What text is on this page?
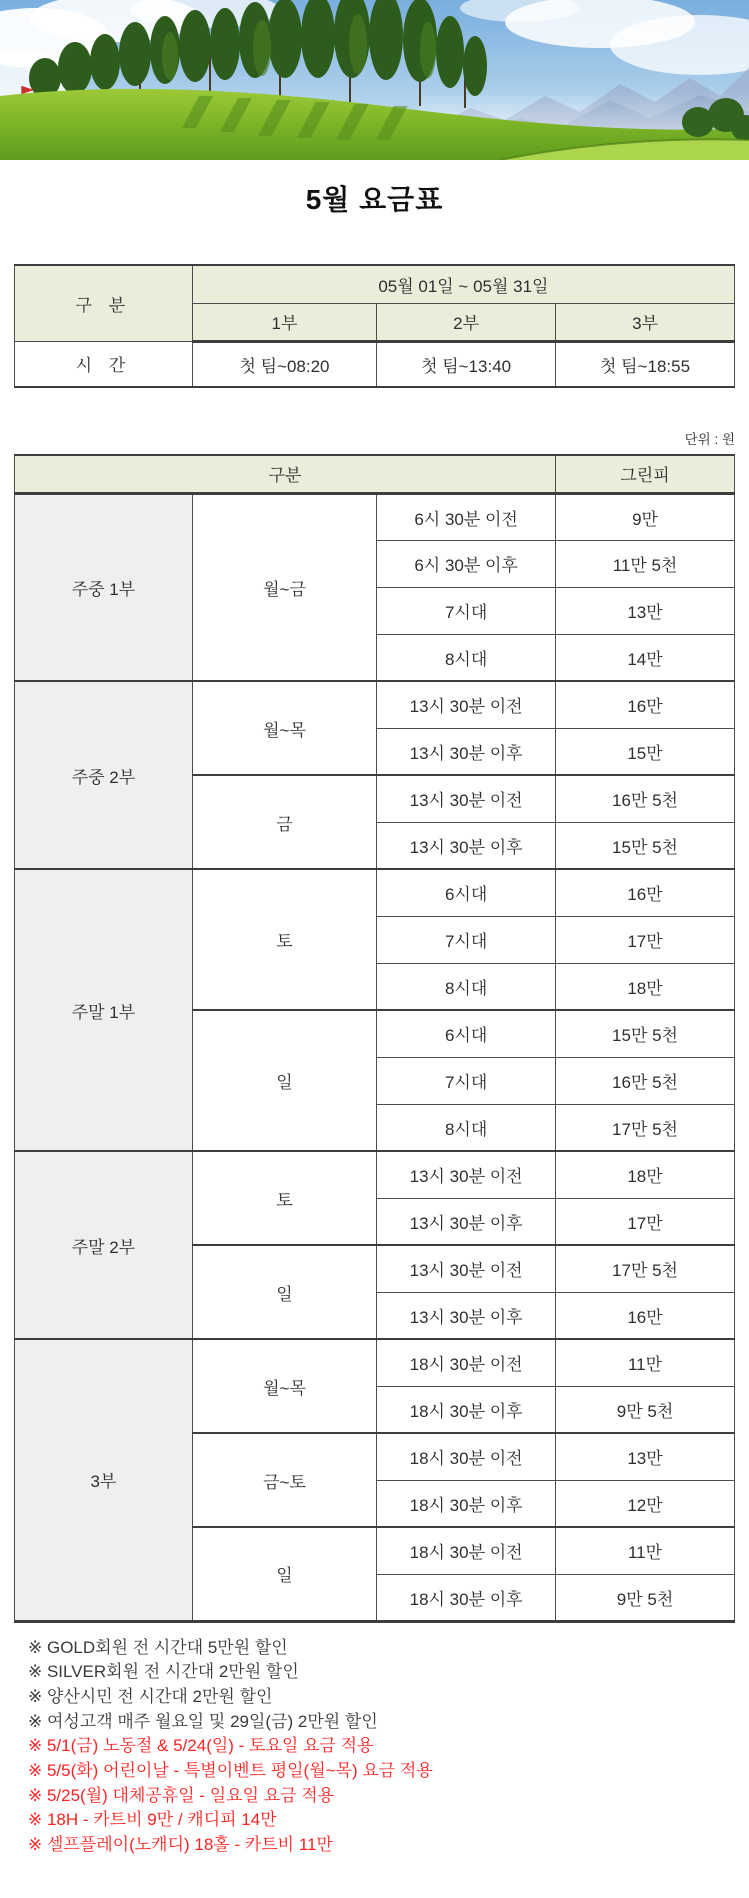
5월 요금표
구 분	05월 01일 ~ 05월 31일		
	1부	2부	3부
시 간	첫 팀~08:20	첫 팀~13:40	첫 팀~18:55
단위 : 원
구분			그린피
주중 1부	월~금	6시 30분 이전	9만
		6시 30분 이후	11만 5천
		7시대	13만
		8시대	14만
주중 2부	월~목	13시 30분 이전	16만
		13시 30분 이후	15만
	금	13시 30분 이전	16만 5천
		13시 30분 이후	15만 5천
주말 1부	토	6시대	16만
		7시대	17만
		8시대	18만
	일	6시대	15만 5천
		7시대	16만 5천
		8시대	17만 5천
주말 2부	토	13시 30분 이전	18만
		13시 30분 이후	17만
	일	13시 30분 이전	17만 5천
		13시 30분 이후	16만
3부	월~목	18시 30분 이전	11만
		18시 30분 이후	9만 5천
	금~토	18시 30분 이전	13만
		18시 30분 이후	12만
	일	18시 30분 이전	11만
		18시 30분 이후	9만 5천
※ GOLD회원 전 시간대 5만원 할인
※ SILVER회원 전 시간대 2만원 할인
※ 양산시민 전 시간대 2만원 할인
※ 여성고객 매주 월요일 및 29일(금) 2만원 할인
※ 5/1(금) 노동절 & 5/24(일) - 토요일 요금 적용
※ 5/5(화) 어린이날 - 특별이벤트 평일(월~목) 요금 적용
※ 5/25(월) 대체공휴일 - 일요일 요금 적용
※ 18H - 카트비 9만 / 캐디피 14만
※ 셀프플레이(노캐디) 18홀 - 카트비 11만
